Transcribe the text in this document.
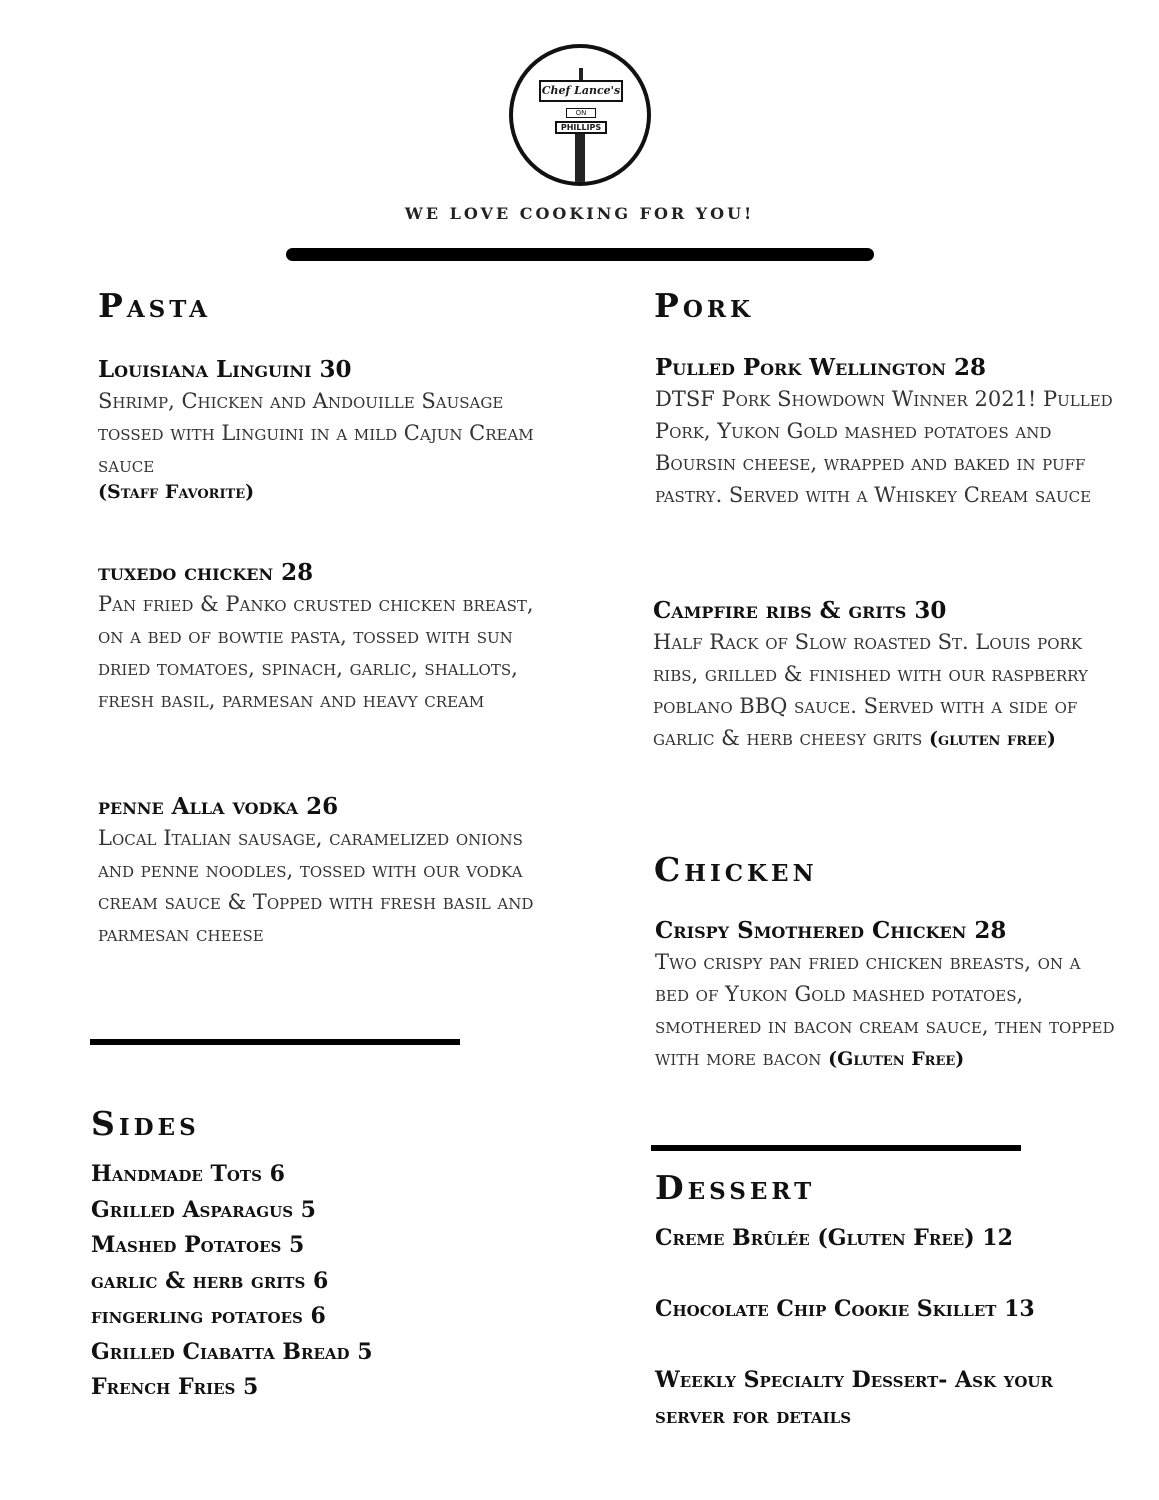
Chef Lance's
ON
PHILLIPS
WE LOVE COOKING FOR YOU!
Pasta
Louisiana Linguini 30
Shrimp, Chicken and Andouille Sausage tossed with Linguini in a mild Cajun Cream sauce
(Staff Favorite)
tuxedo chicken 28
Pan fried & Panko crusted chicken breast, on a bed of bowtie pasta, tossed with sun dried tomatoes, spinach, garlic, shallots, fresh basil, parmesan and heavy cream
penne Alla vodka 26
Local Italian sausage, caramelized onions and penne noodles, tossed with our vodka cream sauce & Topped with fresh basil and parmesan cheese
Sides
Handmade Tots 6
Grilled Asparagus 5
Mashed Potatoes 5
garlic & herb grits 6
fingerling potatoes 6
Grilled Ciabatta Bread 5
French Fries 5
Pork
Pulled Pork Wellington 28
DTSF Pork Showdown Winner 2021! Pulled Pork, Yukon Gold mashed potatoes and Boursin cheese, wrapped and baked in puff pastry. Served with a Whiskey Cream sauce
Campfire ribs & grits 30
Half Rack of Slow roasted St. Louis pork ribs, grilled & finished with our raspberry poblano BBQ sauce. Served with a side of garlic & herb cheesy grits (gluten free)
Chicken
Crispy Smothered Chicken 28
Two crispy pan fried chicken breasts, on a bed of Yukon Gold mashed potatoes, smothered in bacon cream sauce, then topped with more bacon (Gluten Free)
Dessert
Creme Brûlée (Gluten Free) 12
Chocolate Chip Cookie Skillet 13
Weekly Specialty Dessert- Ask your server for details
